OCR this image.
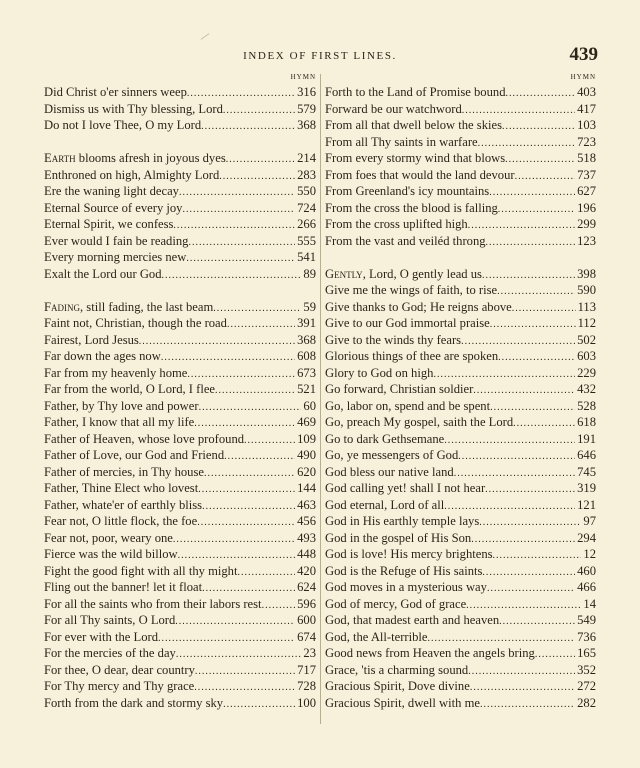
INDEX OF FIRST LINES.	439
HYMN
Did Christ o'er sinners weep .....	316
Dismiss us with Thy blessing, Lord .....	579
Do not I love Thee, O my Lord .....	368
Earth blooms afresh in joyous dyes .....	214
Enthroned on high, Almighty Lord .....	283
Ere the waning light decay .....	550
Eternal Source of every joy .....	724
Eternal Spirit, we confess .....	266
Ever would I fain be reading .....	555
Every morning mercies new .....	541
Exalt the Lord our God .....	89
Fading, still fading, the last beam .....	59
Faint not, Christian, though the road .....	391
Fairest, Lord Jesus .....	368
Far down the ages now .....	608
Far from my heavenly home .....	673
Far from the world, O Lord, I flee .....	521
Father, by Thy love and power .....	60
Father, I know that all my life .....	469
Father of Heaven, whose love profound .....	109
Father of Love, our God and Friend .....	490
Father of mercies, in Thy house .....	620
Father, Thine Elect who lovest .....	144
Father, whate'er of earthly bliss .....	463
Fear not, O little flock, the foe .....	456
Fear not, poor, weary one .....	493
Fierce was the wild billow .....	448
Fight the good fight with all thy might .....	420
Fling out the banner! let it float .....	624
For all the saints who from their labors rest .....	596
For all Thy saints, O Lord .....	600
For ever with the Lord .....	674
For the mercies of the day .....	23
For thee, O dear, dear country .....	717
For Thy mercy and Thy grace .....	728
Forth from the dark and stormy sky .....	100
HYMN
Forth to the Land of Promise bound .....	403
Forward be our watchword .....	417
From all that dwell below the skies .....	103
From all Thy saints in warfare .....	723
From every stormy wind that blows .....	518
From foes that would the land devour .....	737
From Greenland's icy mountains .....	627
From the cross the blood is falling .....	196
From the cross uplifted high .....	299
From the vast and veiléd throng .....	123
Gently, Lord, O gently lead us .....	398
Give me the wings of faith, to rise .....	590
Give thanks to God; He reigns above .....	113
Give to our God immortal praise .....	112
Give to the winds thy fears .....	502
Glorious things of thee are spoken .....	603
Glory to God on high .....	229
Go forward, Christian soldier .....	432
Go, labor on, spend and be spent .....	528
Go, preach My gospel, saith the Lord .....	618
Go to dark Gethsemane .....	191
Go, ye messengers of God .....	646
God bless our native land .....	745
God calling yet! shall I not hear .....	319
God eternal, Lord of all .....	121
God in His earthly temple lays .....	97
God in the gospel of His Son .....	294
God is love! His mercy brightens .....	12
God is the Refuge of His saints .....	460
God moves in a mysterious way .....	466
God of mercy, God of grace .....	14
God, that madest earth and heaven .....	549
God, the All-terrible .....	736
Good news from Heaven the angels bring .....	165
Grace, 'tis a charming sound .....	352
Gracious Spirit, Dove divine .....	272
Gracious Spirit, dwell with me .....	282
